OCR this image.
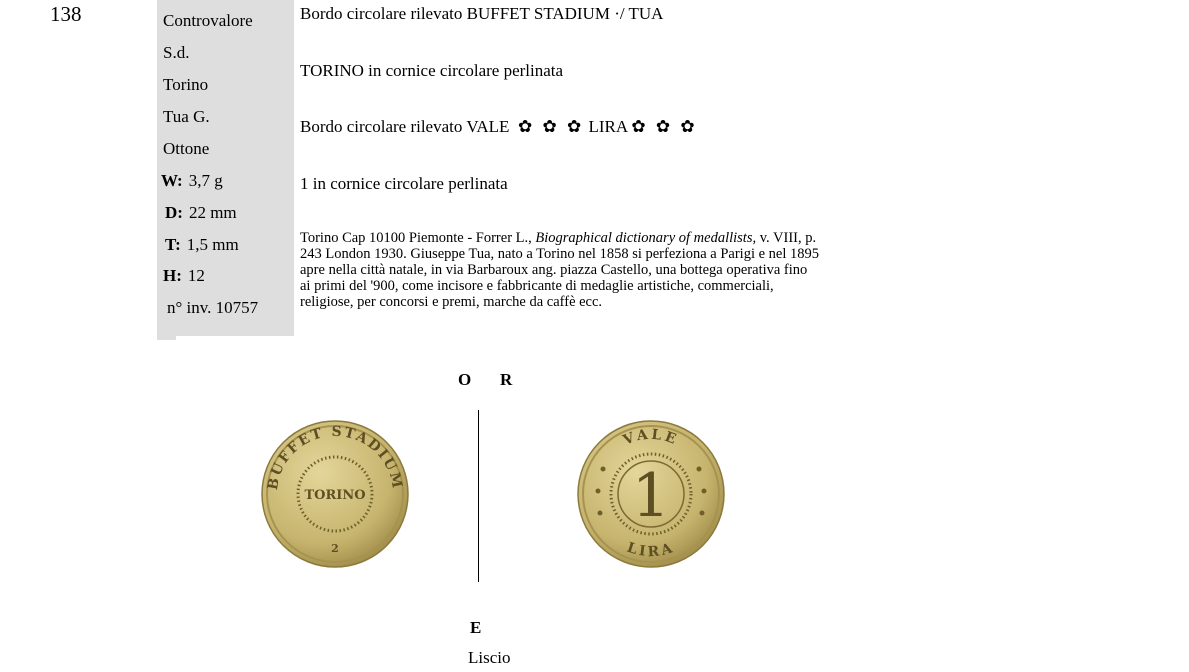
138	Controvalore
S.d.
Torino
Tua G.
Ottone
W: 3,7 g
D: 22 mm
T: 1,5 mm
H: 12
n° inv. 10757
Bordo circolare rilevato BUFFET STADIUM ·/ TUA
TORINO in cornice circolare perlinata
Bordo circolare rilevato VALE ✿ ✿ ✿ LIRA ✿ ✿ ✿
1 in cornice circolare perlinata
Torino Cap 10100 Piemonte - Forrer L., Biographical dictionary of medallists, v. VIII, p. 243 London 1930. Giuseppe Tua, nato a Torino nel 1858 si perfeziona a Parigi e nel 1895 apre nella città natale, in via Barbaroux ang. piazza Castello, una bottega operativa fino ai primi del '900, come incisore e fabbricante di medaglie artistiche, commerciali, religiose, per concorsi e premi, marche da caffè ecc.
O R
E
Liscio
BUFFET STADIUM
TORINO
2
VALE
LIRA
1
